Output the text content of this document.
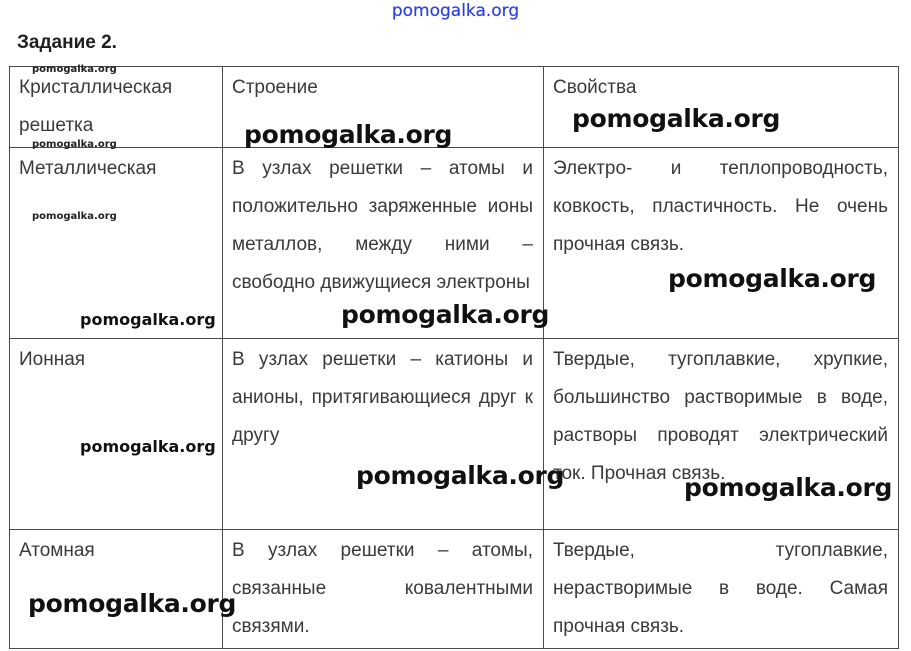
pomogalka.org
Задание 2.
Кристаллическая решетка	Строение	Свойства
Металлическая	В узлах решетки – атомы и положительно заряженные ионы металлов, между ними – свободно движущиеся электроны	Электро- и теплопроводность, ковкость, пластичность. Не очень прочная связь.
Ионная	В узлах решетки – катионы и анионы, притягивающиеся друг к другу	Твердые, тугоплавкие, хрупкие, большинство растворимые в воде, растворы проводят электрический ток. Прочная связь.
Атомная	В узлах решетки – атомы, связанные ковалентными связями.	Твердые, тугоплавкие, нерастворимые в воде. Самая прочная связь.
pomogalka.org
pomogalka.org
pomogalka.org
pomogalka.org
pomogalka.org
pomogalka.org
pomogalka.org
pomogalka.org
pomogalka.org
pomogalka.org	pomogalka.org
pomogalka.org
